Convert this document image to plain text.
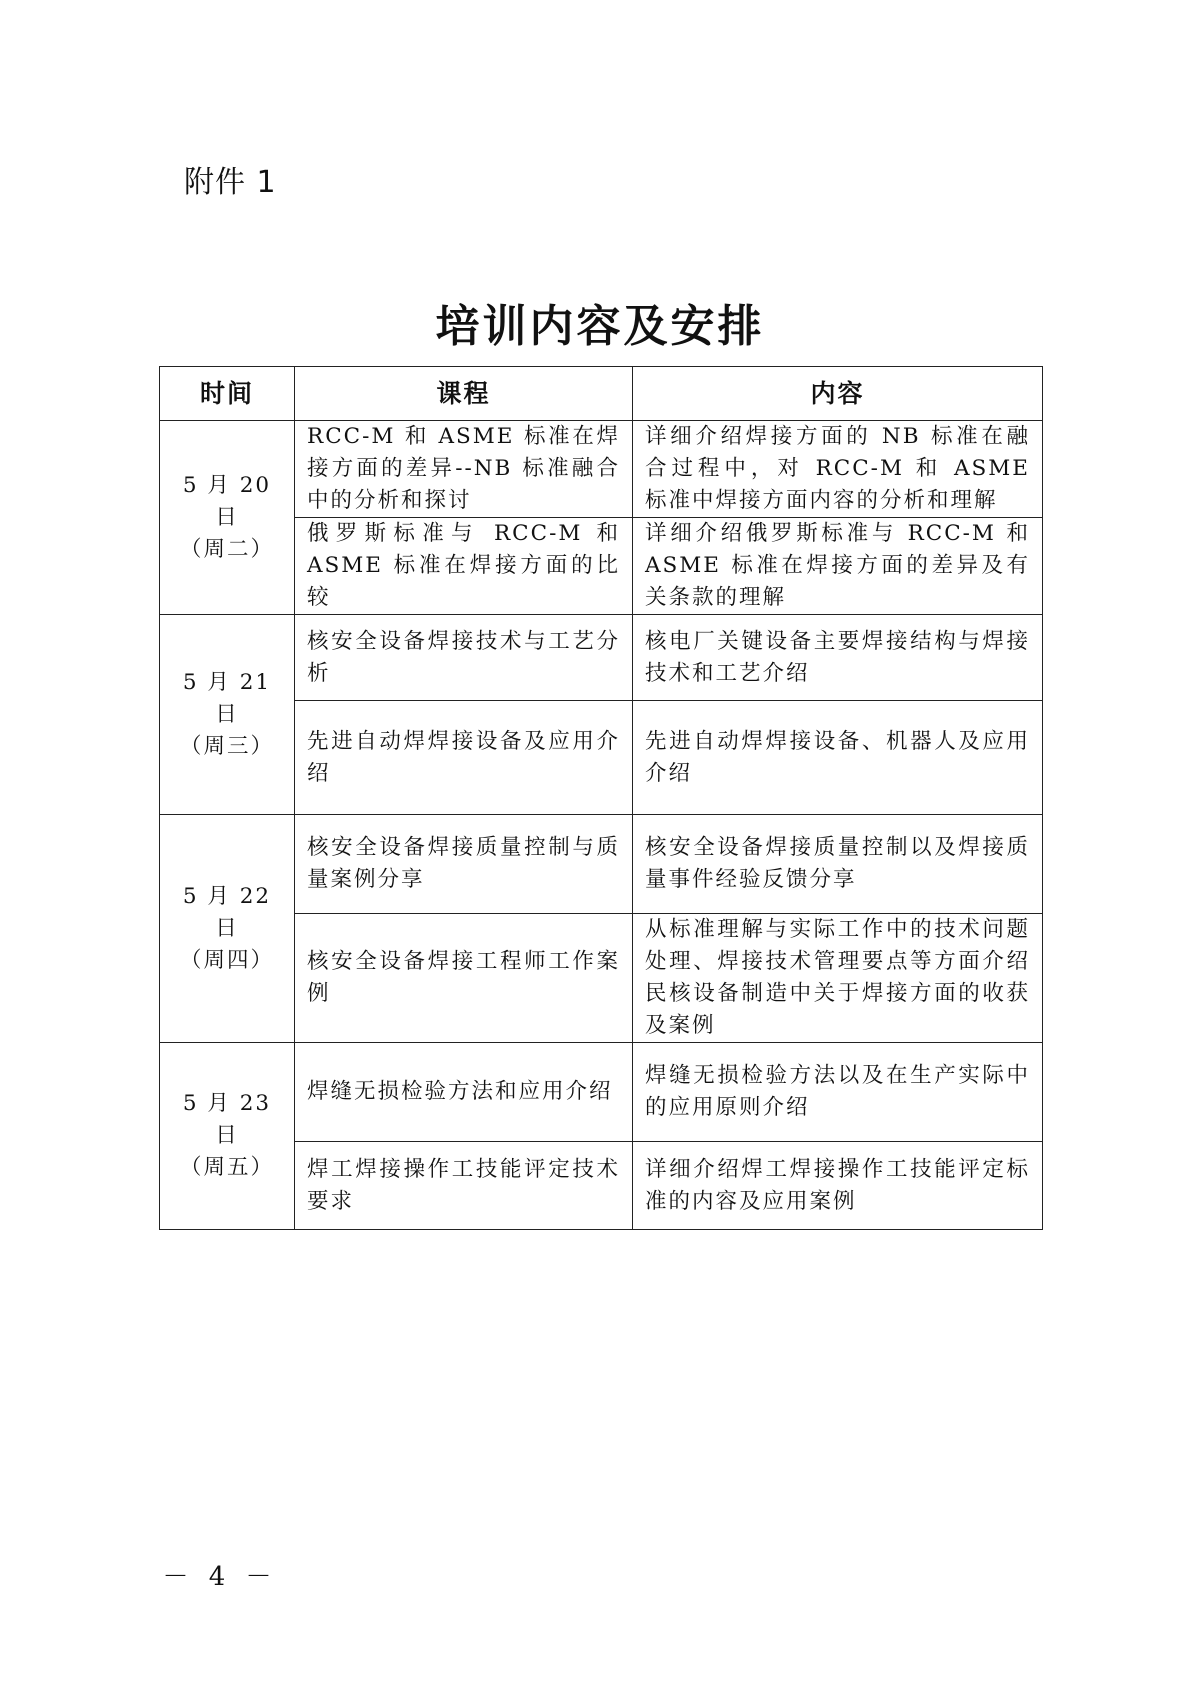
附件 1
培训内容及安排
时间	课程	内容

5 月 20 日
（周二）	RCC-M 和 ASME 标准在焊接方面的差异--NB 标准融合中的分析和探讨	详细介绍焊接方面的 NB 标准在融合过程中，对 RCC-M 和 ASME 标准中焊接方面内容的分析和理解
	俄罗斯标准与 RCC-M 和 ASME 标准在焊接方面的比较	详细介绍俄罗斯标准与 RCC-M 和 ASME 标准在焊接方面的差异及有关条款的理解

5 月 21 日
（周三）	核安全设备焊接技术与工艺分析	核电厂关键设备主要焊接结构与焊接技术和工艺介绍
	先进自动焊焊接设备及应用介绍	先进自动焊焊接设备、机器人及应用介绍

5 月 22 日
（周四）	核安全设备焊接质量控制与质量案例分享	核安全设备焊接质量控制以及焊接质量事件经验反馈分享
	核安全设备焊接工程师工作案例	从标准理解与实际工作中的技术问题处理、焊接技术管理要点等方面介绍民核设备制造中关于焊接方面的收获及案例

5 月 23 日
（周五）	焊缝无损检验方法和应用介绍	焊缝无损检验方法以及在生产实际中的应用原则介绍
	焊工焊接操作工技能评定技术要求	详细介绍焊工焊接操作工技能评定标准的内容及应用案例
－ 4 －
